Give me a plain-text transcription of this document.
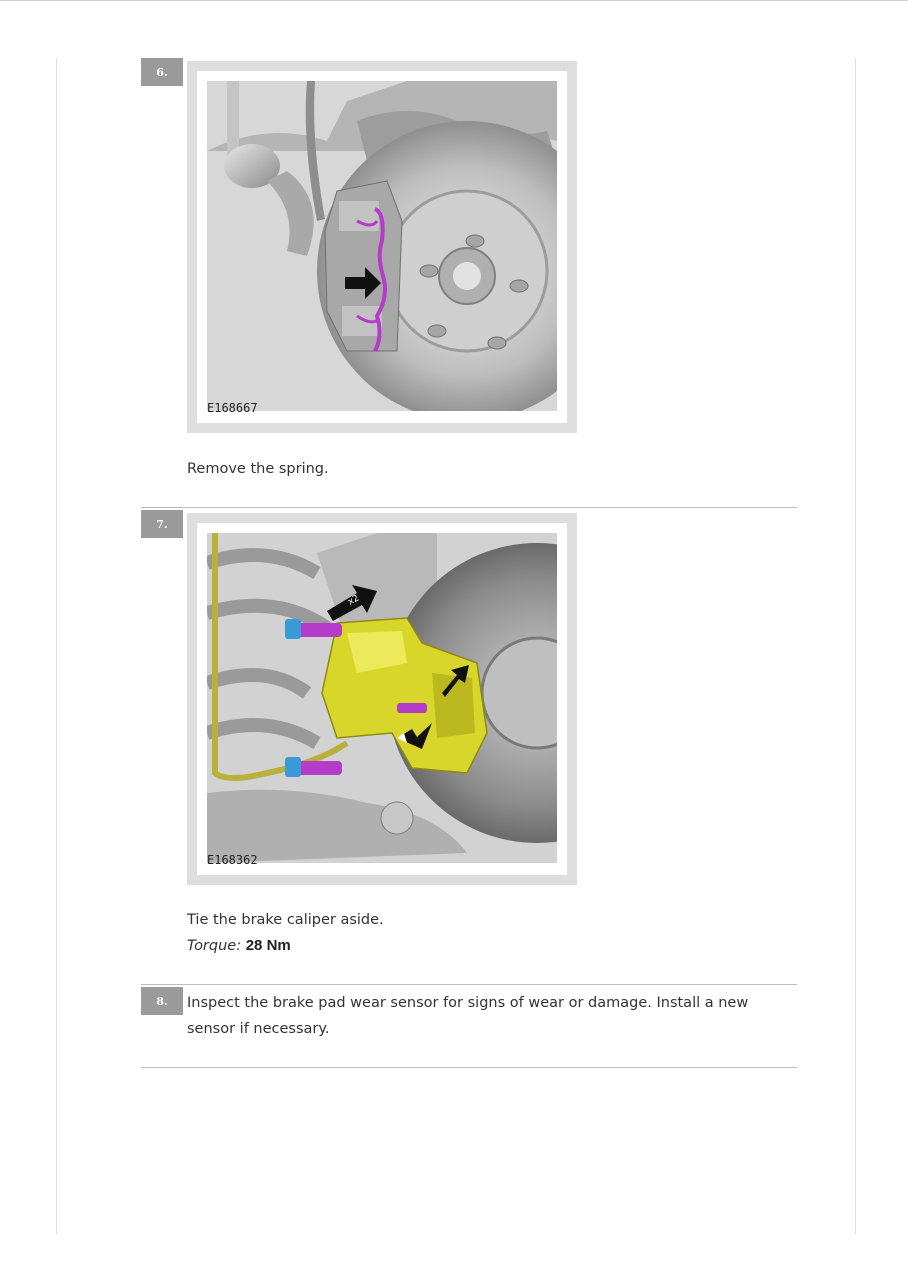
6.
E168667
Remove the spring.
7.
x2
E168362
Tie the brake caliper aside.
Torque: 28 Nm
8.	Inspect the brake pad wear sensor for signs of wear or damage. Install a new sensor if necessary.
